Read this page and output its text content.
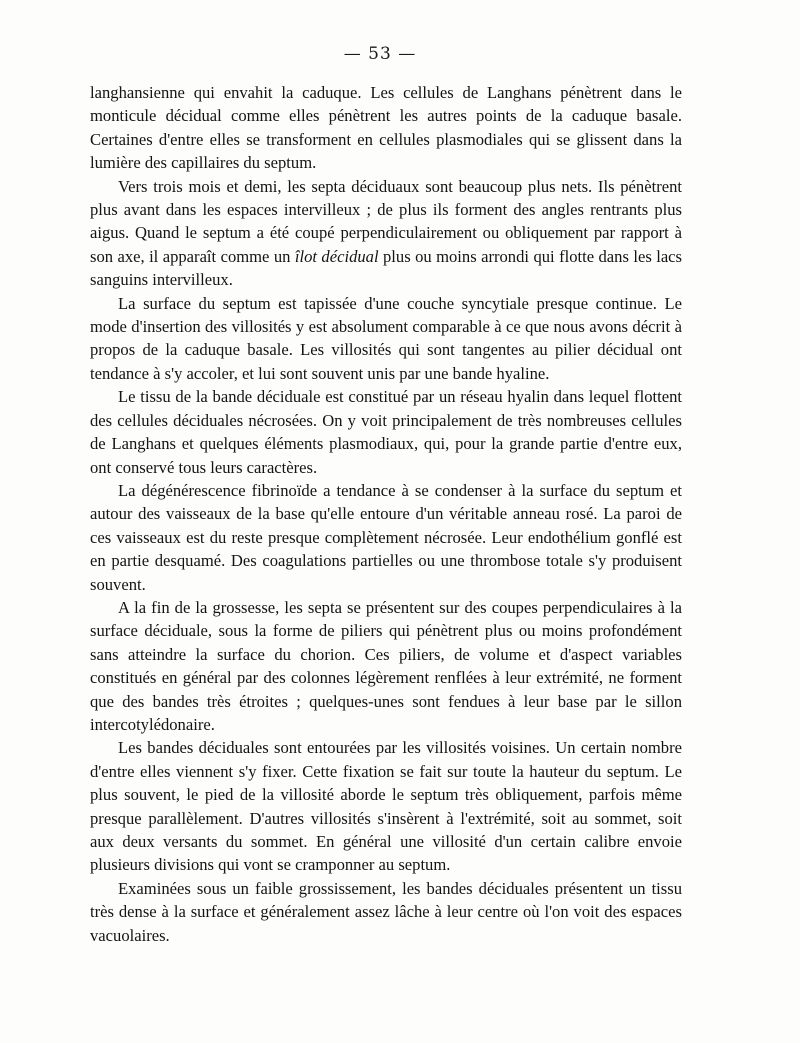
— 53 —

langhansienne qui envahit la caduque. Les cellules de Langhans pénètrent dans le monticule décidual comme elles pénètrent les autres points de la caduque basale. Certaines d'entre elles se transforment en cellules plasmodiales qui se glissent dans la lumière des capillaires du septum.

Vers trois mois et demi, les septa déciduaux sont beaucoup plus nets. Ils pénètrent plus avant dans les espaces intervilleux ; de plus ils forment des angles rentrants plus aigus. Quand le septum a été coupé perpendiculairement ou obliquement par rapport à son axe, il apparaît comme un îlot décidual plus ou moins arrondi qui flotte dans les lacs sanguins intervilleux.

La surface du septum est tapissée d'une couche syncytiale presque continue. Le mode d'insertion des villosités y est absolument comparable à ce que nous avons décrit à propos de la caduque basale. Les villosités qui sont tangentes au pilier décidual ont tendance à s'y accoler, et lui sont souvent unis par une bande hyaline.

Le tissu de la bande déciduale est constitué par un réseau hyalin dans lequel flottent des cellules déciduales nécrosées. On y voit principalement de très nombreuses cellules de Langhans et quelques éléments plasmodiaux, qui, pour la grande partie d'entre eux, ont conservé tous leurs caractères.

La dégénérescence fibrinoïde a tendance à se condenser à la surface du septum et autour des vaisseaux de la base qu'elle entoure d'un véritable anneau rosé. La paroi de ces vaisseaux est du reste presque complètement nécrosée. Leur endothélium gonflé est en partie desquamé. Des coagulations partielles ou une thrombose totale s'y produisent souvent.

A la fin de la grossesse, les septa se présentent sur des coupes perpendiculaires à la surface déciduale, sous la forme de piliers qui pénètrent plus ou moins profondément sans atteindre la surface du chorion. Ces piliers, de volume et d'aspect variables constitués en général par des colonnes légèrement renflées à leur extrémité, ne forment que des bandes très étroites ; quelques-unes sont fendues à leur base par le sillon intercotylédonaire.

Les bandes déciduales sont entourées par les villosités voisines. Un certain nombre d'entre elles viennent s'y fixer. Cette fixation se fait sur toute la hauteur du septum. Le plus souvent, le pied de la villosité aborde le septum très obliquement, parfois même presque parallèlement. D'autres villosités s'insèrent à l'extrémité, soit au sommet, soit aux deux versants du sommet. En général une villosité d'un certain calibre envoie plusieurs divisions qui vont se cramponner au septum.

Examinées sous un faible grossissement, les bandes déciduales présentent un tissu très dense à la surface et généralement assez lâche à leur centre où l'on voit des espaces vacuolaires.
